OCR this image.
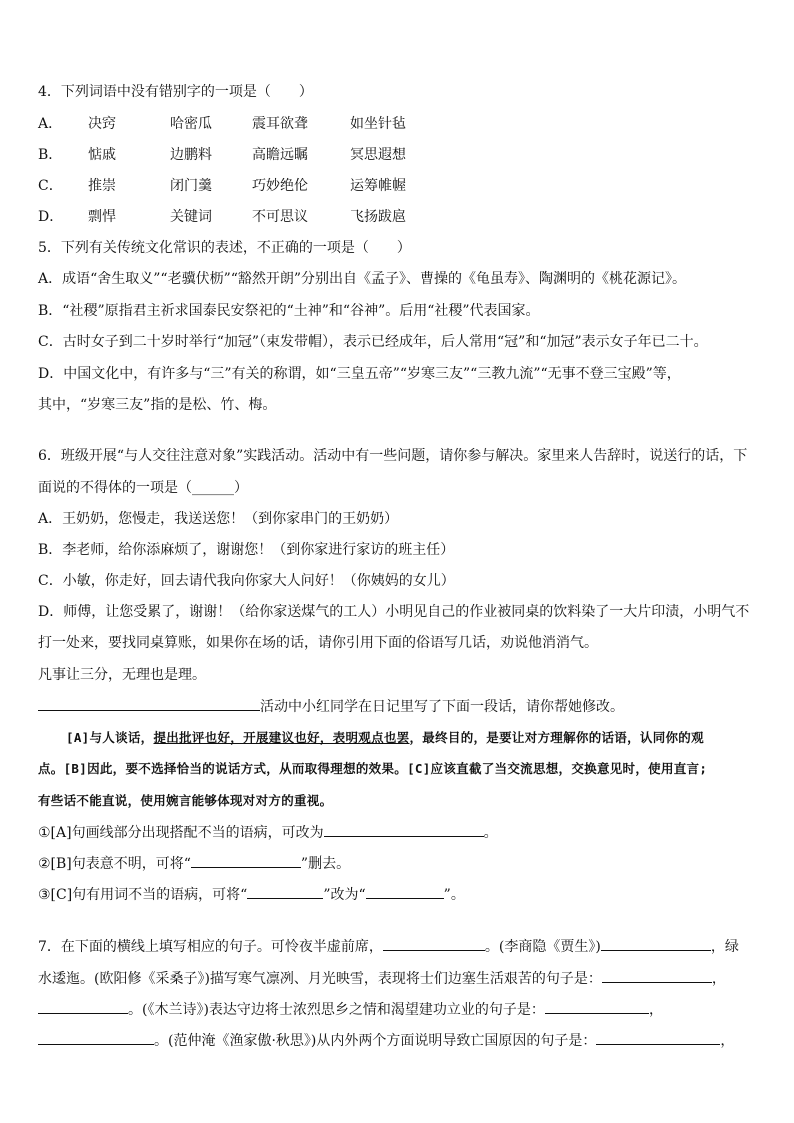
4．下列词语中没有错别字的一项是（　　）
A． 决窍	哈密瓜	震耳欲聋	如坐针毡
B． 惦戚	边鹏料	高瞻远瞩	冥思遐想
C． 推崇	闭门羹	巧妙绝伦	运筹帷幄
D． 剽悍	关键词	不可思议	飞扬跋扈
5．下列有关传统文化常识的表述，不正确的一项是（　　）
A．成语“舍生取义”“老骥伏枥”“豁然开朗”分别出自《孟子》、曹操的《龟虽寿》、陶渊明的《桃花源记》。
B．“社稷”原指君主祈求国泰民安祭祀的“土神”和“谷神”。后用“社稷”代表国家。
C．古时女子到二十岁时举行“加冠”（束发带帽），表示已经成年，后人常用“冠”和“加冠”表示女子年已二十。
D．中国文化中，有许多与“三”有关的称谓，如“三皇五帝”“岁寒三友”“三教九流”“无事不登三宝殿”等，
其中，“岁寒三友”指的是松、竹、梅。
6．班级开展“与人交往注意对象”实践活动。活动中有一些问题，请你参与解决。家里来人告辞时，说送行的话，下
面说的不得体的一项是（______）
A．王奶奶，您慢走，我送送您！（到你家串门的王奶奶）
B．李老师，给你添麻烦了，谢谢您！（到你家进行家访的班主任）
C．小敏，你走好，回去请代我向你家大人问好！（你姨妈的女儿）
D．师傅，让您受累了，谢谢！（给你家送煤气的工人）小明见自己的作业被同桌的饮料染了一大片印渍，小明气不
打一处来，要找同桌算账，如果你在场的话，请你引用下面的俗语写几话，劝说他消消气。
凡事让三分，无理也是理。
活动中小红同学在日记里写了下面一段话，请你帮她修改。
[A]与人谈话，提出批评也好，开展建议也好，表明观点也罢，最终目的，是要让对方理解你的话语，认同你的观
点。[B]因此，要不选择恰当的说话方式，从而取得理想的效果。[C]应该直截了当交流思想，交换意见时，使用直言;
有些话不能直说，使用婉言能够体现对对方的重视。
①[A]句画线部分出现搭配不当的语病，可改为	。
②[B]句表意不明，可将“	”删去。
③[C]句有用词不当的语病，可将“	”改为“	”。
7．在下面的横线上填写相应的句子。可怜夜半虚前席，	。(李商隐《贾生》)	，绿
水逶迤。(欧阳修《采桑子》)描写寒气凛冽、月光映雪，表现将士们边塞生活艰苦的句子是：	，
。(《木兰诗》)表达守边将士浓烈思乡之情和渴望建功立业的句子是：	，
。(范仲淹《渔家傲·秋思》)从内外两个方面说明导致亡国原因的句子是：	，
